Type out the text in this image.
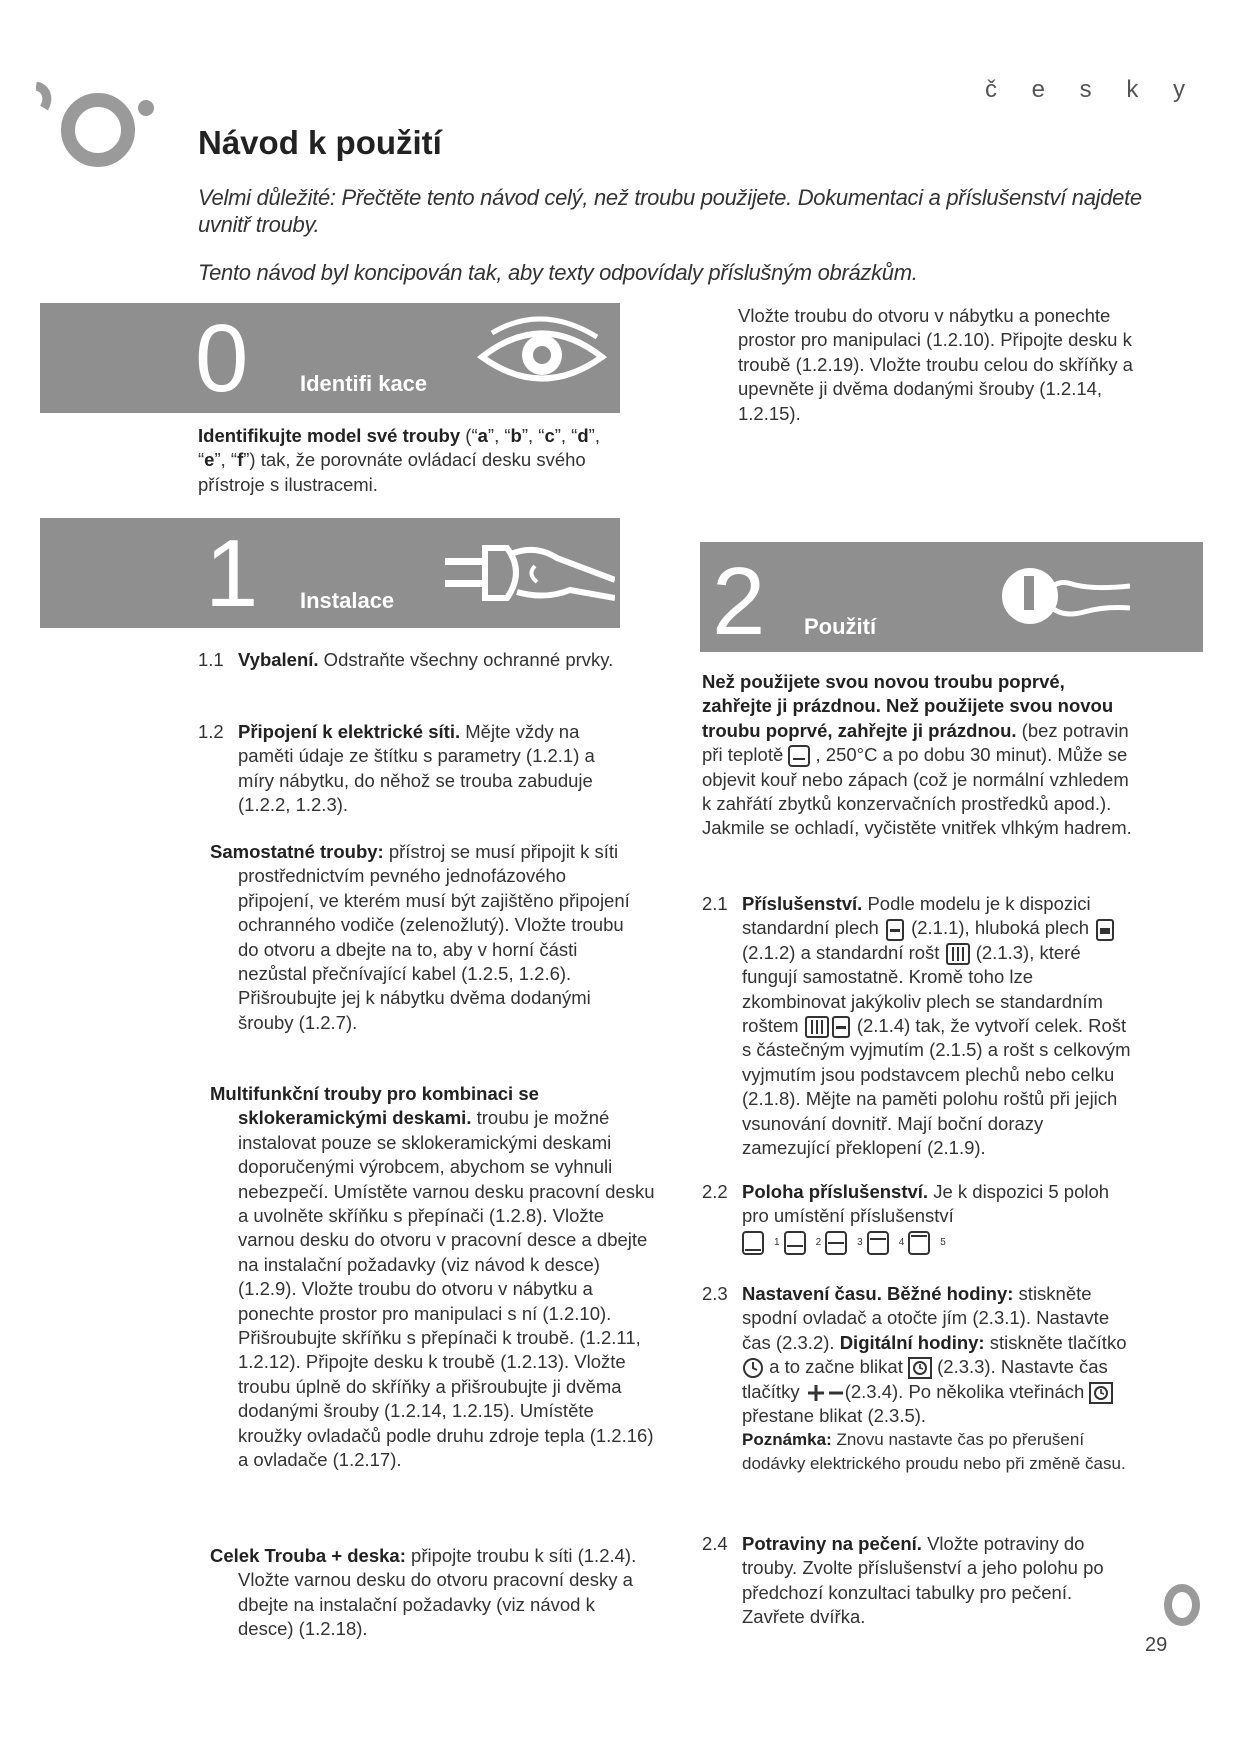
č e s k y
Návod k použití
Velmi důležité: Přečtěte tento návod celý, než troubu použijete. Dokumentaci a příslušenství najdete uvnitř trouby.
Tento návod byl koncipován tak, aby texty odpovídaly příslušným obrázkům.
0 Identifi kace
Identifikujte model své trouby (“a”, “b”, “c”, “d”, “e”, “f”) tak, že porovnáte ovládací desku svého přístroje s ilustracemi.
Vložte troubu do otvoru v nábytku a ponechte prostor pro manipulaci (1.2.10). Připojte desku k troubě (1.2.19). Vložte troubu celou do skříňky a upevněte ji dvěma dodanými šrouby (1.2.14, 1.2.15).
1 Instalace	2 Použití
1.1 Vybalení. Odstraňte všechny ochranné prvky.
1.2 Připojení k elektrické síti. Mějte vždy na paměti údaje ze štítku s parametry (1.2.1) a míry nábytku, do něhož se trouba zabuduje (1.2.2, 1.2.3).
Samostatné trouby: přístroj se musí připojit k síti prostřednictvím pevného jednofázového připojení, ve kterém musí být zajištěno připojení ochranného vodiče (zelenožlutý). Vložte troubu do otvoru a dbejte na to, aby v horní části nezůstal přečnívající kabel (1.2.5, 1.2.6). Přišroubujte jej k nábytku dvěma dodanými šrouby (1.2.7).
Multifunkční trouby pro kombinaci se sklokeramickými deskami. troubu je možné instalovat pouze se sklokeramickými deskami doporučenými výrobcem, abychom se vyhnuli nebezpečí. Umístěte varnou desku pracovní desku a uvolněte skříňku s přepínači (1.2.8). Vložte varnou desku do otvoru v pracovní desce a dbejte na instalační požadavky (viz návod k desce) (1.2.9). Vložte troubu do otvoru v nábytku a ponechte prostor pro manipulaci s ní (1.2.10). Přišroubujte skříňku s přepínači k troubě. (1.2.11, 1.2.12). Připojte desku k troubě (1.2.13). Vložte troubu úplně do skříňky a přišroubujte ji dvěma dodanými šrouby (1.2.14, 1.2.15). Umístěte kroužky ovladačů podle druhu zdroje tepla (1.2.16) a ovladače (1.2.17).
Celek Trouba + deska: připojte troubu k síti (1.2.4). Vložte varnou desku do otvoru pracovní desky a dbejte na instalační požadavky (viz návod k desce) (1.2.18).
Než použijete svou novou troubu poprvé, zahřejte ji prázdnou. Než použijete svou novou troubu poprvé, zahřejte ji prázdnou. (bez potravin při teplotě  , 250°C a po dobu 30 minut). Může se objevit kouř nebo zápach (což je normální vzhledem k zahřátí zbytků konzervačních prostředků apod.). Jakmile se ochladí, vyčistěte vnitřek vlhkým hadrem.
2.1 Příslušenství. Podle modelu je k dispozici standardní plech  (2.1.1), hluboká plech  (2.1.2) a standardní rošt  (2.1.3), které fungují samostatně. Kromě toho lze zkombinovat jakýkoliv plech se standardním roštem	(2.1.4) tak, že vytvoří celek. Rošt s částečným vyjmutím (2.1.5) a rošt s celkovým vyjmutím jsou podstavcem plechů nebo celku (2.1.8). Mějte na paměti polohu roštů při jejich vsunování dovnitř. Mají boční dorazy zamezující překlopení (2.1.9).
2.2 Poloha příslušenství. Je k dispozici 5 poloh pro umístění příslušenství
1	2	3	4	5
2.3 Nastavení času. Běžné hodiny: stiskněte spodní ovladač a otočte jím (2.3.1). Nastavte čas (2.3.2). Digitální hodiny: stiskněte tlačítko  a to začne blikat  (2.3.3). Nastavte čas tlačítky (2.3.4). Po několika vteřinách  přestane blikat (2.3.5).
Poznámka: Znovu nastavte čas po přerušení dodávky elektrického proudu nebo při změně času.
2.4 Potraviny na pečení. Vložte potraviny do trouby. Zvolte příslušenství a jeho polohu po předchozí konzultaci tabulky pro pečení. Zavřete dvířka.
29
